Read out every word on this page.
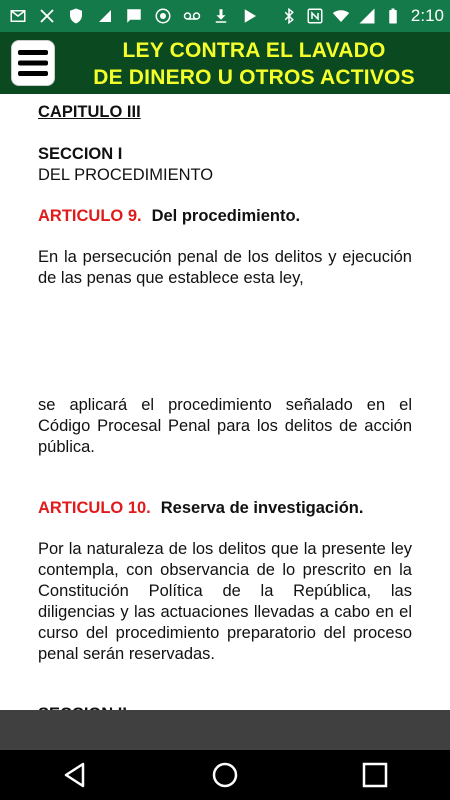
2:10
LEY CONTRA EL LAVADO
DE DINERO U OTROS ACTIVOS
CAPITULO III
SECCION I
DEL PROCEDIMIENTO
ARTICULO 9. Del procedimiento.
En la persecución penal de los delitos y ejecución de las penas que establece esta ley,
se aplicará el procedimiento señalado en el Código Procesal Penal para los delitos de acción pública.
ARTICULO 10. Reserva de investigación.
Por la naturaleza de los delitos que la presente ley contempla, con observancia de lo prescrito en la Constitución Política de la República, las diligencias y las actuaciones llevadas a cabo en el curso del procedimiento preparatorio del proceso penal serán reservadas.
